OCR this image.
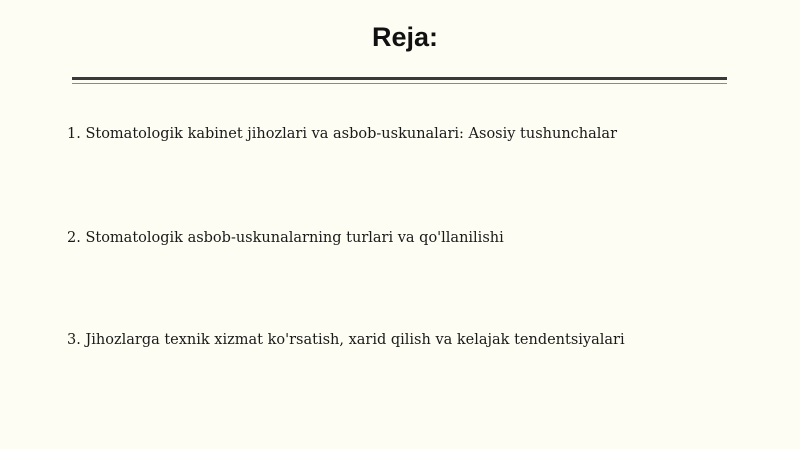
Reja:
1. Stomatologik kabinet jihozlari va asbob-uskunalari: Asosiy tushunchalar
2. Stomatologik asbob-uskunalarning turlari va qo'llanilishi
3. Jihozlarga texnik xizmat ko'rsatish, xarid qilish va kelajak tendentsiyalari
